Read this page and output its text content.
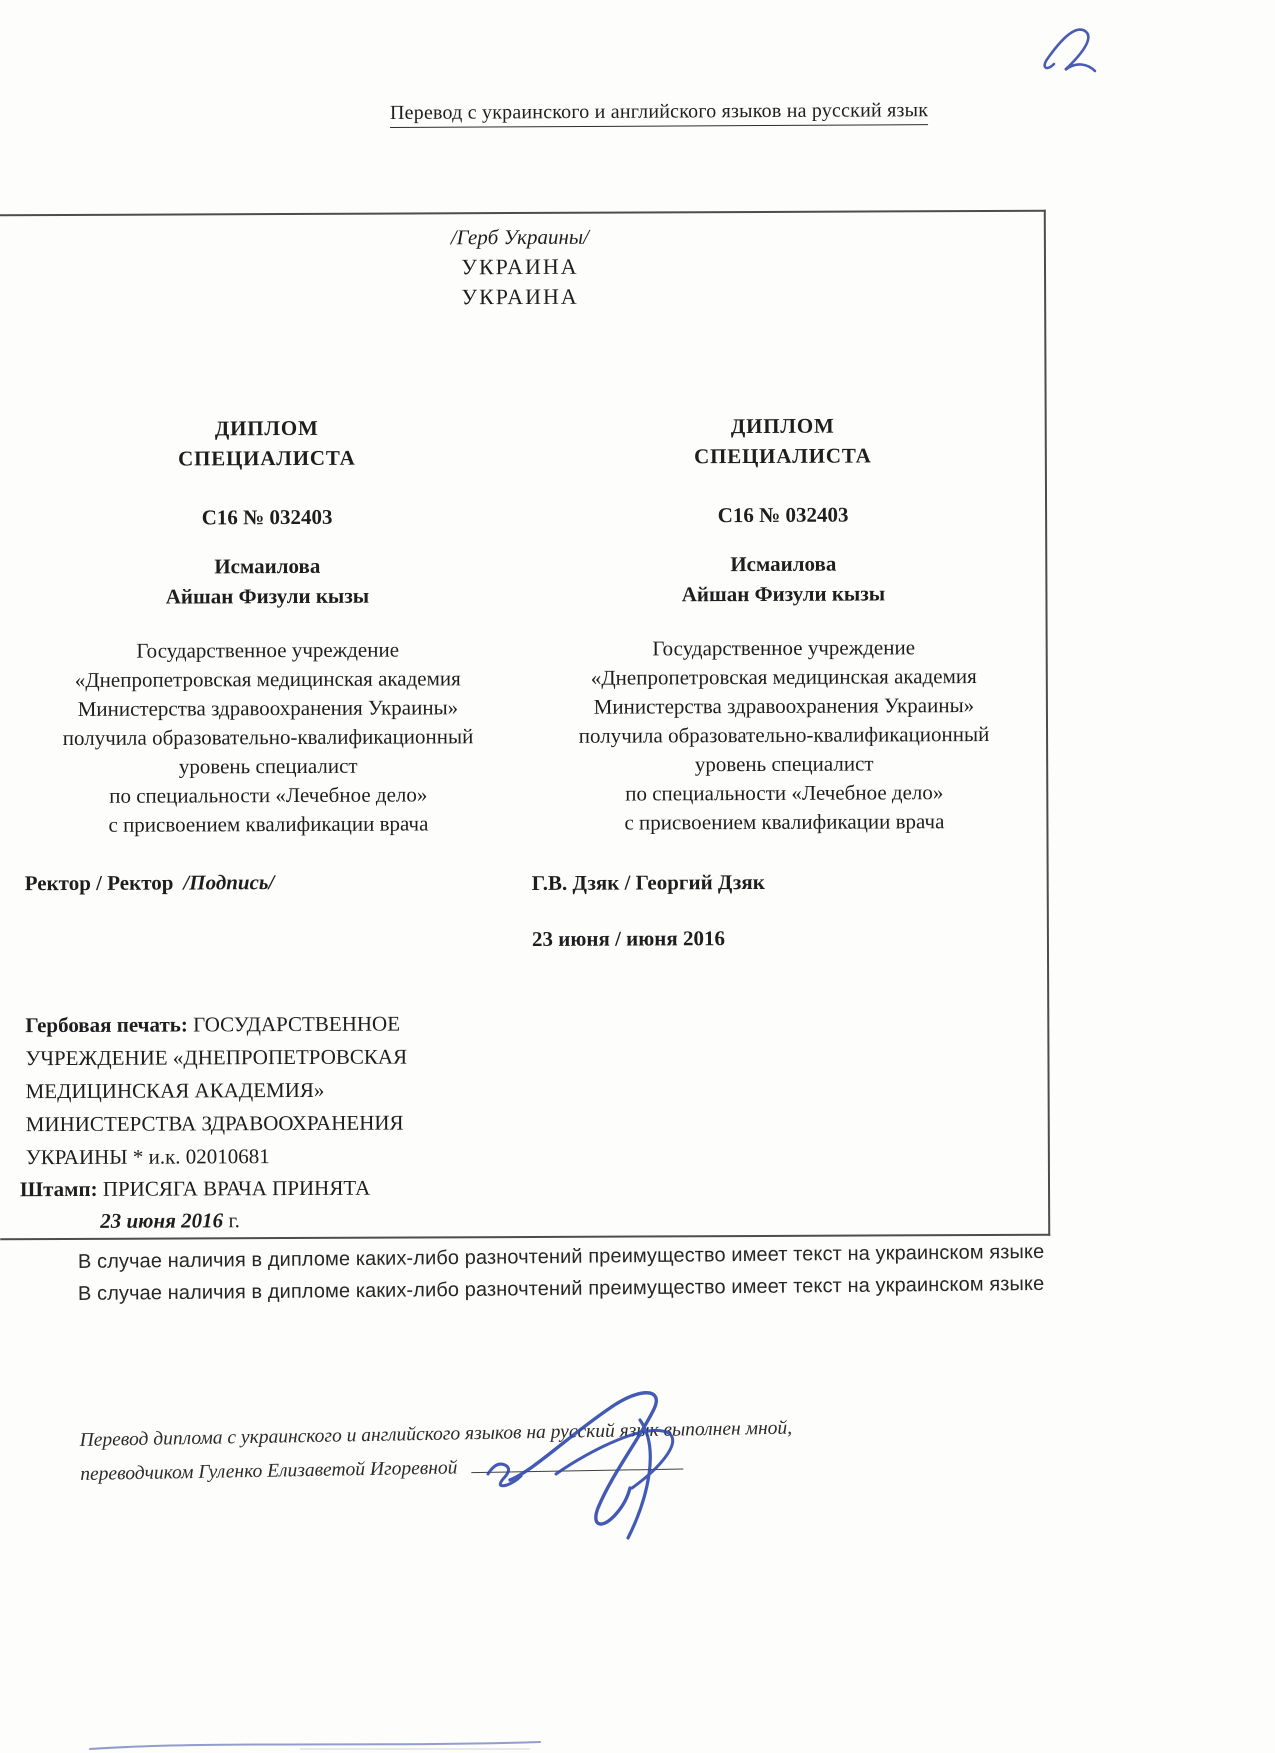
Перевод с украинского и английского языков на русский язык
/Герб Украины/
УКРАИНА
УКРАИНА
ДИПЛОМ
СПЕЦИАЛИСТА
С16 № 032403
Исмаилова
Айшан Физули кызы
Государственное учреждение
«Днепропетровская медицинская академия
Министерства здравоохранения Украины»
получила образовательно-квалификационный
уровень специалист
по специальности «Лечебное дело»
с присвоением квалификации врача
ДИПЛОМ
СПЕЦИАЛИСТА
С16 № 032403
Исмаилова
Айшан Физули кызы
Государственное учреждение
«Днепропетровская медицинская академия
Министерства здравоохранения Украины»
получила образовательно-квалификационный
уровень специалист
по специальности «Лечебное дело»
с присвоением квалификации врача
Ректор / Ректор /Подпись/	Г.В. Дзяк / Георгий Дзяк
23 июня / июня 2016
Гербовая печать: ГОСУДАРСТВЕННОЕ УЧРЕЖДЕНИЕ «ДНЕПРОПЕТРОВСКАЯ МЕДИЦИНСКАЯ АКАДЕМИЯ» МИНИСТЕРСТВА ЗДРАВООХРАНЕНИЯ УКРАИНЫ * и.к. 02010681
Штамп: ПРИСЯГА ВРАЧА ПРИНЯТА
23 июня 2016 г.
В случае наличия в дипломе каких-либо разночтений преимущество имеет текст на украинском языке
В случае наличия в дипломе каких-либо разночтений преимущество имеет текст на украинском языке
Перевод диплома с украинского и английского языков на русский язык выполнен мной,
переводчиком Гуленко Елизаветой Игоревной
